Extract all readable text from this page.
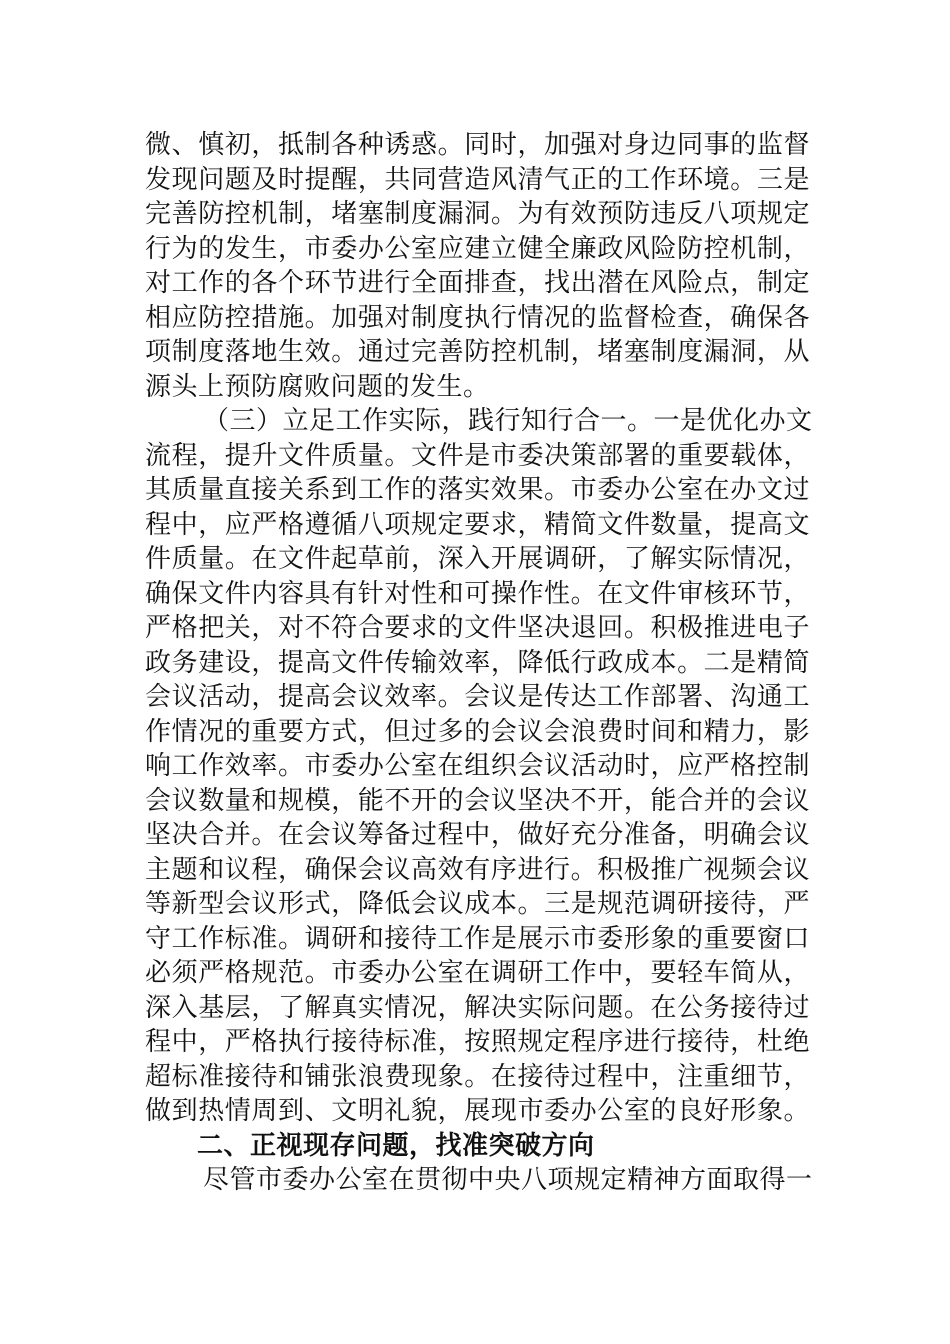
微、慎初，抵制各种诱惑。同时，加强对身边同事的监督
发现问题及时提醒，共同营造风清气正的工作环境。三是
完善防控机制，堵塞制度漏洞。为有效预防违反八项规定
行为的发生，市委办公室应建立健全廉政风险防控机制，
对工作的各个环节进行全面排查，找出潜在风险点，制定
相应防控措施。加强对制度执行情况的监督检查，确保各
项制度落地生效。通过完善防控机制，堵塞制度漏洞，从
源头上预防腐败问题的发生。
（三）立足工作实际，践行知行合一。一是优化办文
流程，提升文件质量。文件是市委决策部署的重要载体，
其质量直接关系到工作的落实效果。市委办公室在办文过
程中，应严格遵循八项规定要求，精简文件数量，提高文
件质量。在文件起草前，深入开展调研，了解实际情况，
确保文件内容具有针对性和可操作性。在文件审核环节，
严格把关，对不符合要求的文件坚决退回。积极推进电子
政务建设，提高文件传输效率，降低行政成本。二是精简
会议活动，提高会议效率。会议是传达工作部署、沟通工
作情况的重要方式，但过多的会议会浪费时间和精力，影
响工作效率。市委办公室在组织会议活动时，应严格控制
会议数量和规模，能不开的会议坚决不开，能合并的会议
坚决合并。在会议筹备过程中，做好充分准备，明确会议
主题和议程，确保会议高效有序进行。积极推广视频会议
等新型会议形式，降低会议成本。三是规范调研接待，严
守工作标准。调研和接待工作是展示市委形象的重要窗口
必须严格规范。市委办公室在调研工作中，要轻车简从，
深入基层，了解真实情况，解决实际问题。在公务接待过
程中，严格执行接待标准，按照规定程序进行接待，杜绝
超标准接待和铺张浪费现象。在接待过程中，注重细节，
做到热情周到、文明礼貌，展现市委办公室的良好形象。
二、正视现存问题，找准突破方向
尽管市委办公室在贯彻中央八项规定精神方面取得一
